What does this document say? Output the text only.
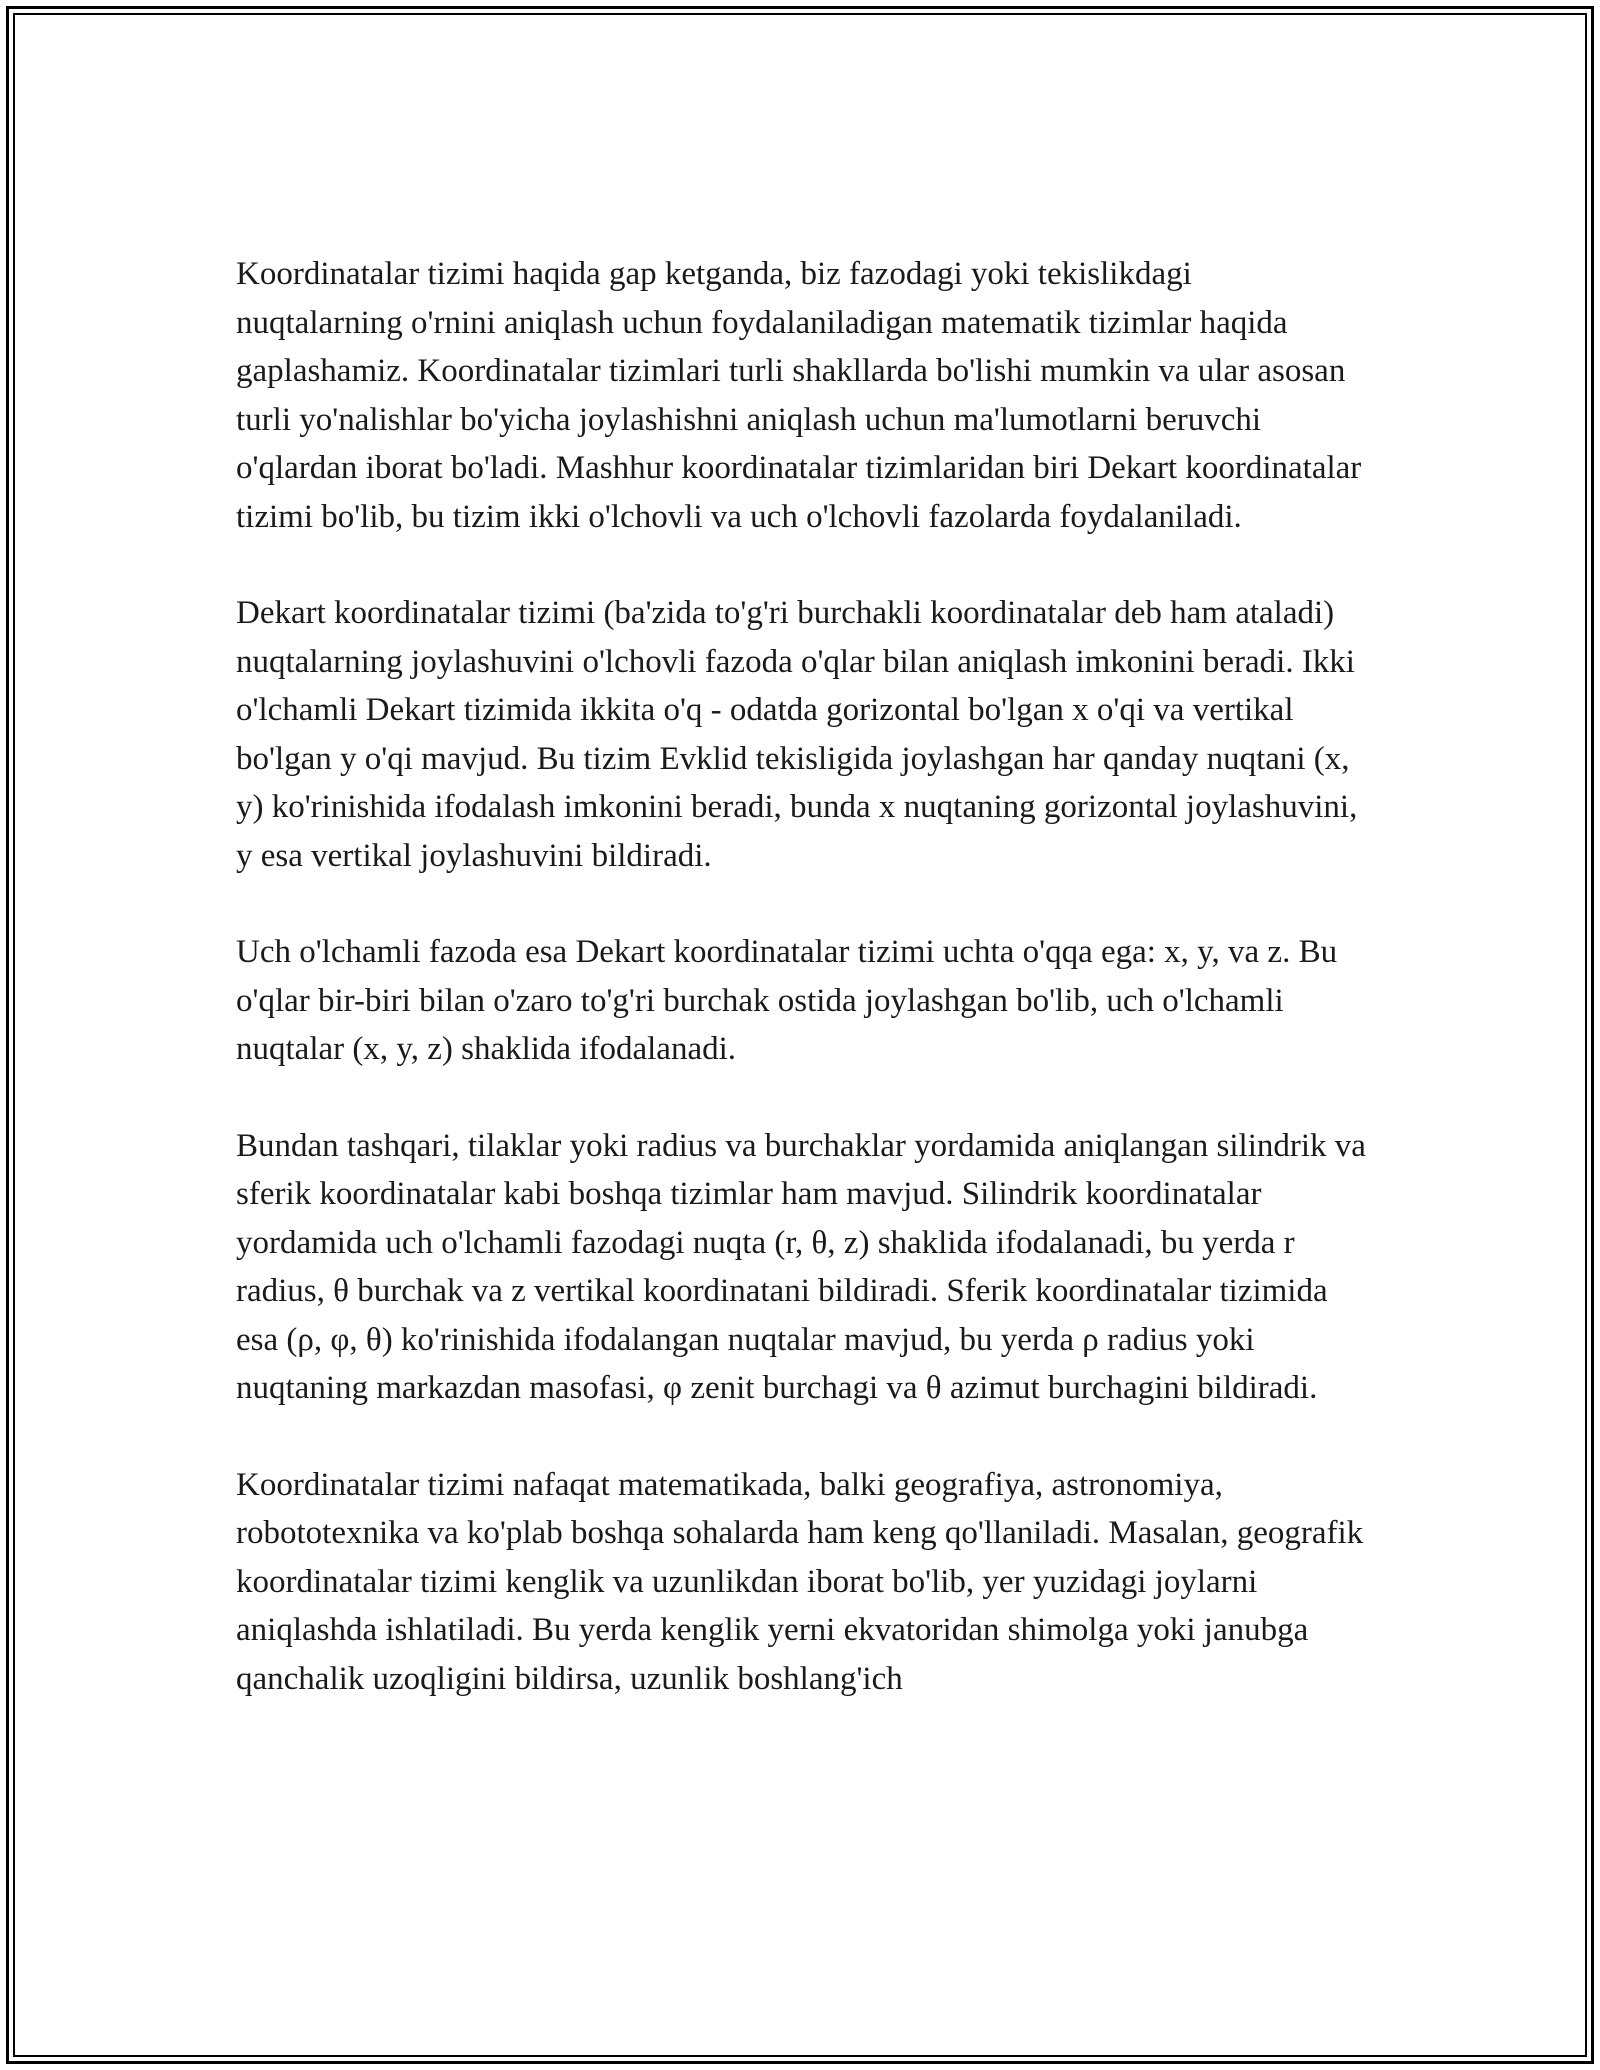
Koordinatalar tizimi haqida gap ketganda, biz fazodagi yoki tekislikdagi nuqtalarning o'rnini aniqlash uchun foydalaniladigan matematik tizimlar haqida gaplashamiz. Koordinatalar tizimlari turli shakllarda bo'lishi mumkin va ular asosan turli yo'nalishlar bo'yicha joylashishni aniqlash uchun ma'lumotlarni beruvchi o'qlardan iborat bo'ladi. Mashhur koordinatalar tizimlaridan biri Dekart koordinatalar tizimi bo'lib, bu tizim ikki o'lchovli va uch o'lchovli fazolarda foydalaniladi.

Dekart koordinatalar tizimi (ba'zida to'g'ri burchakli koordinatalar deb ham ataladi) nuqtalarning joylashuvini o'lchovli fazoda o'qlar bilan aniqlash imkonini beradi. Ikki o'lchamli Dekart tizimida ikkita o'q - odatda gorizontal bo'lgan x o'qi va vertikal bo'lgan y o'qi mavjud. Bu tizim Evklid tekisligida joylashgan har qanday nuqtani (x, y) ko'rinishida ifodalash imkonini beradi, bunda x nuqtaning gorizontal joylashuvini, y esa vertikal joylashuvini bildiradi.

Uch o'lchamli fazoda esa Dekart koordinatalar tizimi uchta o'qqa ega: x, y, va z. Bu o'qlar bir-biri bilan o'zaro to'g'ri burchak ostida joylashgan bo'lib, uch o'lchamli nuqtalar (x, y, z) shaklida ifodalanadi.

Bundan tashqari, tilaklar yoki radius va burchaklar yordamida aniqlangan silindrik va sferik koordinatalar kabi boshqa tizimlar ham mavjud. Silindrik koordinatalar yordamida uch o'lchamli fazodagi nuqta (r, θ, z) shaklida ifodalanadi, bu yerda r radius, θ burchak va z vertikal koordinatani bildiradi. Sferik koordinatalar tizimida esa (ρ, φ, θ) ko'rinishida ifodalangan nuqtalar mavjud, bu yerda ρ radius yoki nuqtaning markazdan masofasi, φ zenit burchagi va θ azimut burchagini bildiradi.

Koordinatalar tizimi nafaqat matematikada, balki geografiya, astronomiya, robototexnika va ko'plab boshqa sohalarda ham keng qo'llaniladi. Masalan, geografik koordinatalar tizimi kenglik va uzunlikdan iborat bo'lib, yer yuzidagi joylarni aniqlashda ishlatiladi. Bu yerda kenglik yerni ekvatoridan shimolga yoki janubga qanchalik uzoqligini bildirsa, uzunlik boshlang'ich
